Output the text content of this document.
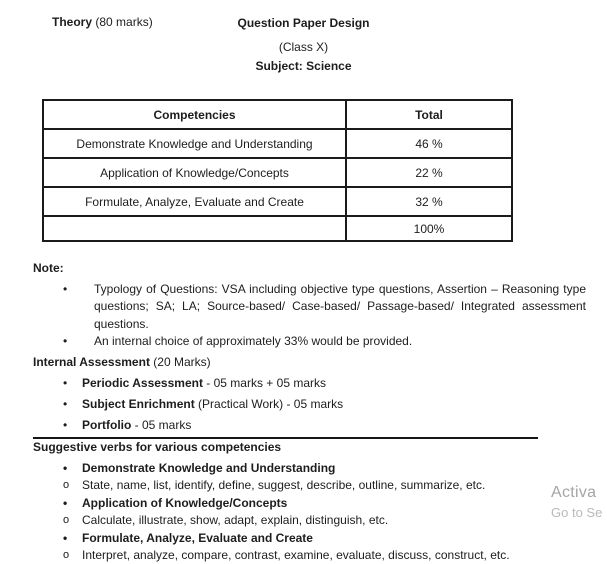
Theory (80 marks)	Question Paper Design
(Class X)
Subject: Science
Competencies	Total
Demonstrate Knowledge and Understanding	46 %
Application of Knowledge/Concepts	22 %
Formulate, Analyze, Evaluate and Create	32 %
	100%
Note:
• Typology of Questions: VSA including objective type questions, Assertion – Reasoning type questions; SA; LA; Source-based/ Case-based/ Passage-based/ Integrated assessment questions.
• An internal choice of approximately 33% would be provided.
Internal Assessment (20 Marks)
• Periodic Assessment - 05 marks + 05 marks
• Subject Enrichment (Practical Work) - 05 marks
• Portfolio - 05 marks
Suggestive verbs for various competencies
• Demonstrate Knowledge and Understanding
o State, name, list, identify, define, suggest, describe, outline, summarize, etc.
• Application of Knowledge/Concepts
o Calculate, illustrate, show, adapt, explain, distinguish, etc.
• Formulate, Analyze, Evaluate and Create
o Interpret, analyze, compare, contrast, examine, evaluate, discuss, construct, etc.
Activa
Go to Se
